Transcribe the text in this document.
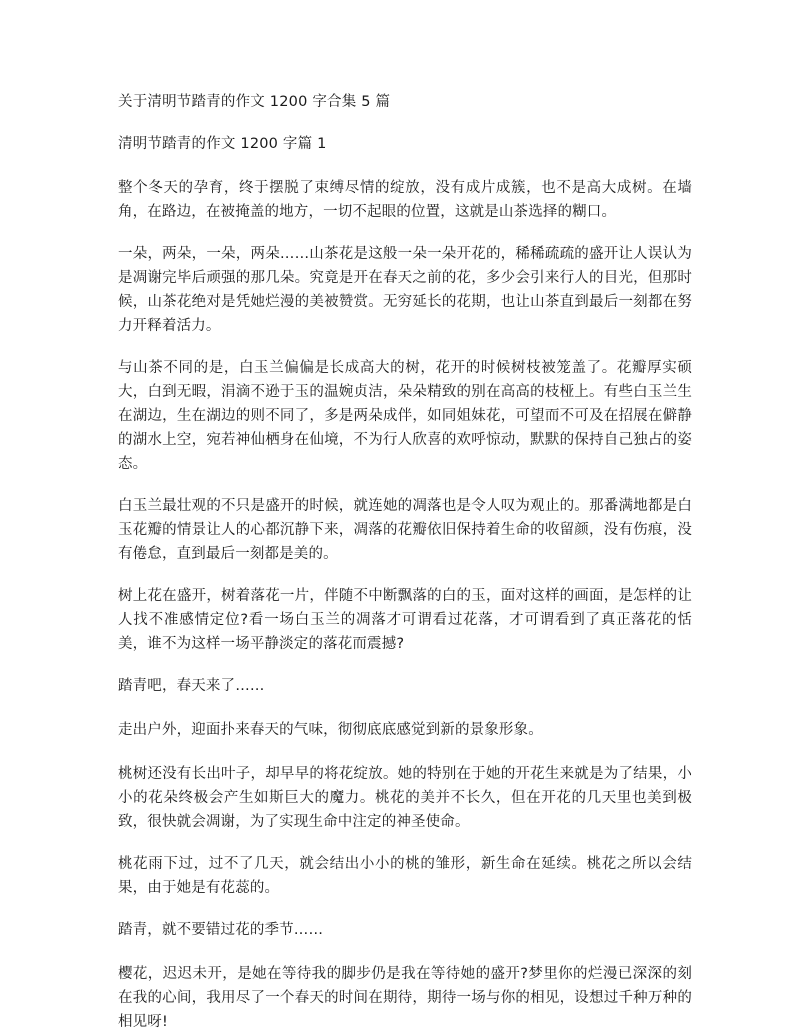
关于清明节踏青的作文 1200 字合集 5 篇
清明节踏青的作文 1200 字篇 1

整个冬天的孕育，终于摆脱了束缚尽情的绽放，没有成片成簇，也不是高大成树。在墙角，在路边，在被掩盖的地方，一切不起眼的位置，这就是山茶选择的糊口。

一朵，两朵，一朵，两朵……山茶花是这般一朵一朵开花的，稀稀疏疏的盛开让人误认为是凋谢完毕后顽强的那几朵。究竟是开在春天之前的花，多少会引来行人的目光，但那时候，山茶花绝对是凭她烂漫的美被赞赏。无穷延长的花期，也让山茶直到最后一刻都在努力开释着活力。

与山茶不同的是，白玉兰偏偏是长成高大的树，花开的时候树枝被笼盖了。花瓣厚实硕大，白到无暇，涓滴不逊于玉的温婉贞洁，朵朵精致的别在高高的枝桠上。有些白玉兰生在湖边，生在湖边的则不同了，多是两朵成伴，如同姐妹花，可望而不可及在招展在僻静的湖水上空，宛若神仙栖身在仙境，不为行人欣喜的欢呼惊动，默默的保持自己独占的姿态。

白玉兰最壮观的不只是盛开的时候，就连她的凋落也是令人叹为观止的。那番满地都是白玉花瓣的情景让人的心都沉静下来，凋落的花瓣依旧保持着生命的收留颜，没有伤痕，没有倦怠，直到最后一刻都是美的。

树上花在盛开，树着落花一片，伴随不中断飘落的白的玉，面对这样的画面，是怎样的让人找不准感情定位?看一场白玉兰的凋落才可谓看过花落，才可谓看到了真正落花的恬美，谁不为这样一场平静淡定的落花而震撼?

踏青吧，春天来了……

走出户外，迎面扑来春天的气味，彻彻底底感觉到新的景象形象。

桃树还没有长出叶子，却早早的将花绽放。她的特别在于她的开花生来就是为了结果，小小的花朵终极会产生如斯巨大的魔力。桃花的美并不长久，但在开花的几天里也美到极致，很快就会凋谢，为了实现生命中注定的神圣使命。

桃花雨下过，过不了几天，就会结出小小的桃的雏形，新生命在延续。桃花之所以会结果，由于她是有花蕊的。

踏青，就不要错过花的季节……

樱花，迟迟未开，是她在等待我的脚步仍是我在等待她的盛开?梦里你的烂漫已深深的刻在我的心间，我用尽了一个春天的时间在期待，期待一场与你的相见，设想过千种万种的相见呀!
